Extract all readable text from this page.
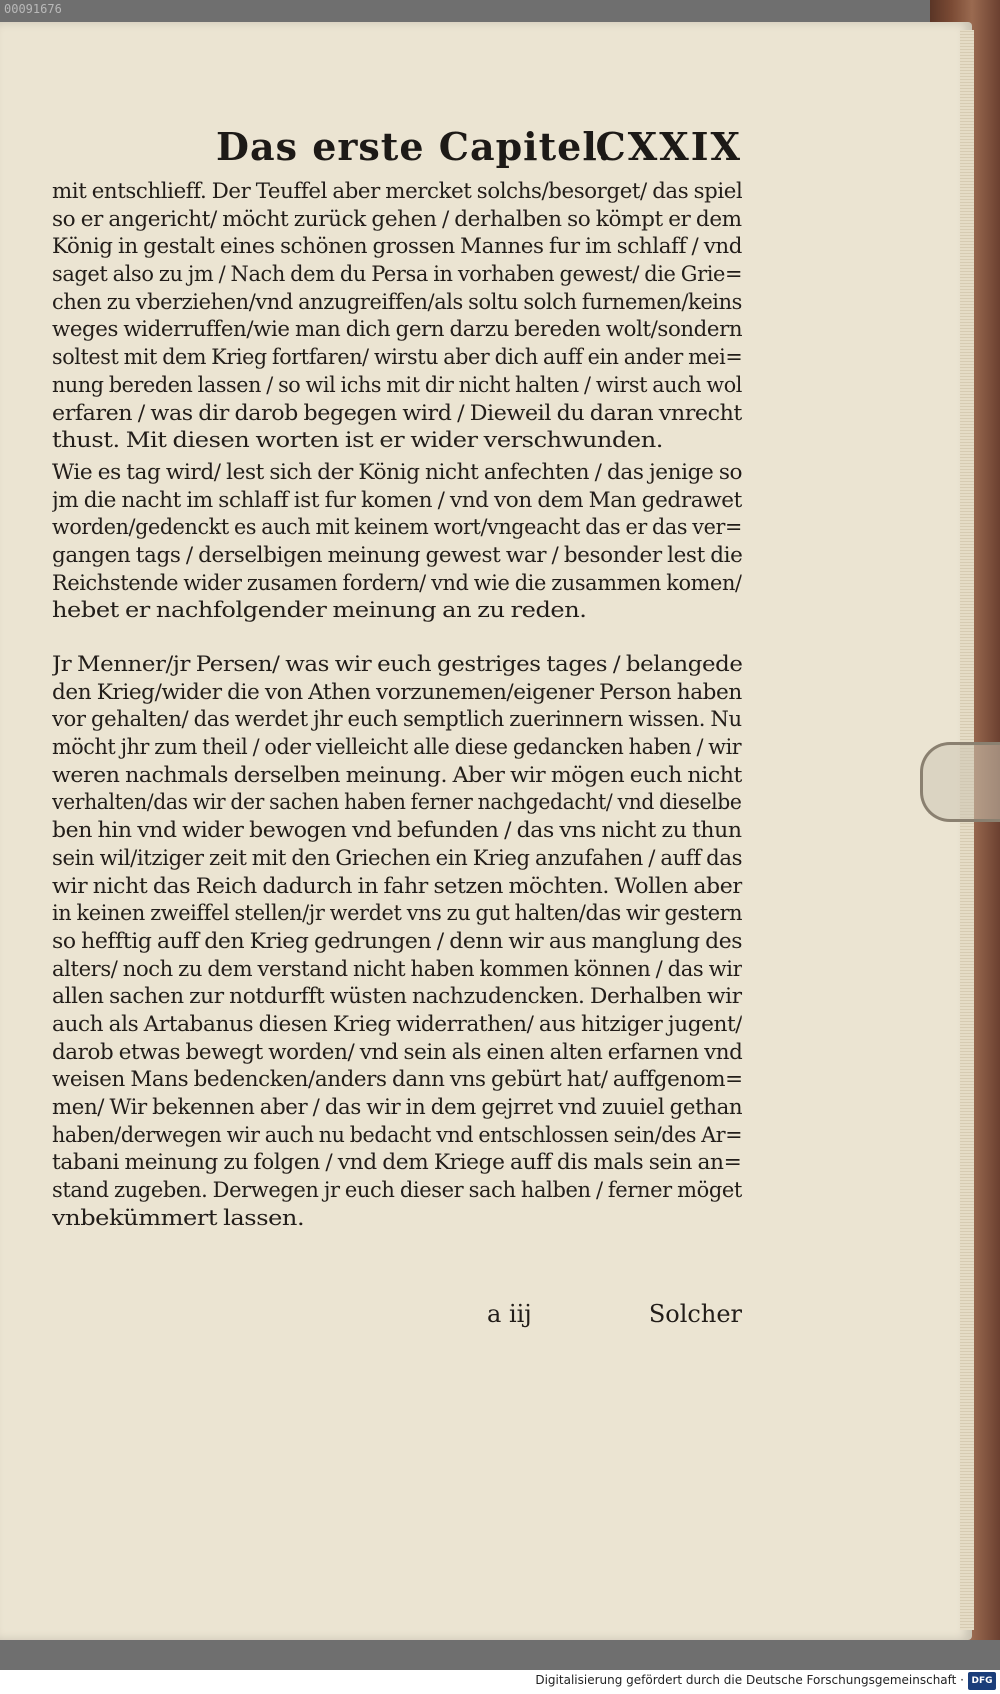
00091676
Das erste Capitel.
CXXIX
mit entschlieff. Der Teuffel aber mercket solchs/besorget/ das spiel
so er angericht/ möcht zurück gehen / derhalben so kömpt er dem
König in gestalt eines schönen grossen Mannes fur im schlaff / vnd
saget also zu jm / Nach dem du Persa in vorhaben gewest/ die Grie=
chen zu vberziehen/vnd anzugreiffen/als soltu solch furnemen/keins
weges widerruffen/wie man dich gern darzu bereden wolt/sondern
soltest mit dem Krieg fortfaren/ wirstu aber dich auff ein ander mei=
nung bereden lassen / so wil ichs mit dir nicht halten / wirst auch wol
erfaren / was dir darob begegen wird / Dieweil du daran vnrecht
thust. Mit diesen worten ist er wider verschwunden.
Wie es tag wird/ lest sich der König nicht anfechten / das jenige so
jm die nacht im schlaff ist fur komen / vnd von dem Man gedrawet
worden/gedenckt es auch mit keinem wort/vngeacht das er das ver=
gangen tags / derselbigen meinung gewest war / besonder lest die
Reichstende wider zusamen fordern/ vnd wie die zusammen komen/
hebet er nachfolgender meinung an zu reden.
Jr Menner/jr Persen/ was wir euch gestriges tages / belangede
den Krieg/wider die von Athen vorzunemen/eigener Person haben
vor gehalten/ das werdet jhr euch semptlich zuerinnern wissen. Nu
möcht jhr zum theil / oder vielleicht alle diese gedancken haben / wir
weren nachmals derselben meinung. Aber wir mögen euch nicht
verhalten/das wir der sachen haben ferner nachgedacht/ vnd dieselbe
ben hin vnd wider bewogen vnd befunden / das vns nicht zu thun
sein wil/itziger zeit mit den Griechen ein Krieg anzufahen / auff das
wir nicht das Reich dadurch in fahr setzen möchten. Wollen aber
in keinen zweiffel stellen/jr werdet vns zu gut halten/das wir gestern
so hefftig auff den Krieg gedrungen / denn wir aus manglung des
alters/ noch zu dem verstand nicht haben kommen können / das wir
allen sachen zur notdurfft wüsten nachzudencken. Derhalben wir
auch als Artabanus diesen Krieg widerrathen/ aus hitziger jugent/
darob etwas bewegt worden/ vnd sein als einen alten erfarnen vnd
weisen Mans bedencken/anders dann vns gebürt hat/ auffgenom=
men/ Wir bekennen aber / das wir in dem gejrret vnd zuuiel gethan
haben/derwegen wir auch nu bedacht vnd entschlossen sein/des Ar=
tabani meinung zu folgen / vnd dem Kriege auff dis mals sein an=
stand zugeben. Derwegen jr euch dieser sach halben / ferner möget
vnbekümmert lassen.
a iij	Solcher
Digitalisierung gefördert durch die Deutsche Forschungsgemeinschaft · DFG
